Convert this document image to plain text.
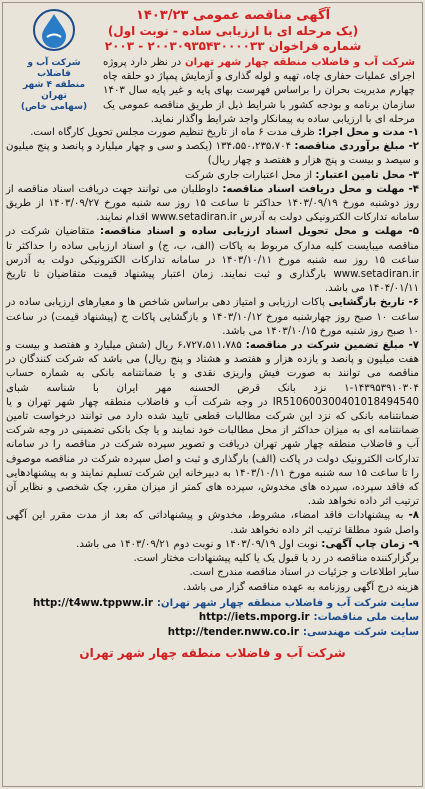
شرکت آب و فاضلاب
منطقه ۴ شهر تهران
(سهامی خاص)
آگهی مناقصه عمومی ۱۴۰۳/۲۳
(یک مرحله ای با ارزیابی ساده - نوبت اول)
شماره فراخوان ۲۰۰۳۰۹۳۵۴۳۰۰۰۰۳۳ - ۲۰۰۳
شرکت آب و فاضلاب منطقه چهار شهر تهران در نظر دارد پروژه اجرای عملیات حفاری چاه، تهیه و لوله گذاری و آزمایش پمپاژ دو حلقه چاه چهارم مدیریت بحران را براساس فهرست بهای پایه و غیر پایه سال ۱۴۰۳ سازمان برنامه و بودجه کشور با شرایط ذیل از طریق مناقصه عمومی یک مرحله ای با ارزیابی ساده به پیمانکار واجد شرایط واگذار نماید.

۱- مدت و محل اجرا: ظرف مدت ۶ ماه از تاریخ تنظیم صورت مجلس تحویل کارگاه است.

۲- مبلغ برآوردی مناقصه: ۱۳۴،۵۵۰،۲۳۵،۷۰۴ (یکصد و سی و چهار میلیارد و پانصد و پنج میلیون و سیصد و بیست و پنج هزار و هفتصد و چهار ریال)

۳- محل تامین اعتبار: از محل اعتبارات جاری شرکت

۴- مهلت و محل دریافت اسناد مناقصه: داوطلبان می توانند جهت دریافت اسناد مناقصه از روز دوشنبه مورخ ۱۴۰۳/۰۹/۱۹ حداکثر تا ساعت ۱۵ روز سه شنبه مورخ ۱۴۰۳/۰۹/۲۷ از طریق سامانه تدارکات الکترونیکی دولت به آدرس www.setadiran.ir اقدام نمایند.

۵- مهلت و محل تحویل اسناد ارزیابی ساده و اسناد مناقصه: متقاضیان شرکت در مناقصه میبایست کلیه مدارک مربوط به پاکات (الف، ب، ج) و اسناد ارزیابی ساده را حداکثر تا ساعت ۱۵ روز سه شنبه مورخ ۱۴۰۳/۱۰/۱۱ در سامانه تدارکات الکترونیکی دولت به آدرس www.setadiran.ir بارگذاری و ثبت نمایند. زمان اعتبار پیشنهاد قیمت متقاضیان تا تاریخ ۱۴۰۴/۰۱/۱۱ می باشد.

۶- تاریخ بازگشایی پاکات ارزیابی و امتیاز دهی براساس شاخص ها و معیارهای ارزیابی ساده در ساعت ۱۰ صبح روز چهارشنبه مورخ ۱۴۰۳/۱۰/۱۲ و بازگشایی پاکات ج (پیشنهاد قیمت) در ساعت ۱۰ صبح روز شنبه مورخ ۱۴۰۳/۱۰/۱۵ می باشد.

۷- مبلغ تضمین شرکت در مناقصه: ۶،۷۲۷،۵۱۱،۷۸۵ ریال (شش میلیارد و هفتصد و بیست و هفت میلیون و پانصد و یازده هزار و هفتصد و هشتاد و پنج ریال) می باشد که شرکت کنندگان در مناقصه می توانند به صورت فیش واریزی نقدی و یا ضمانتنامه بانکی به شماره حساب ۱۴۳۹۵۳۹۱۰۳۰۴-۱ نزد بانک قرض الحسنه مهر ایران با شناسه شبای IR510600300401018494540 در وجه شرکت آب و فاضلاب منطقه چهار شهر تهران و یا ضمانتنامه بانکی که نزد این شرکت مطالبات قطعی تایید شده دارد می توانند درخواست تامین ضمانتنامه ای به میزان حداکثر از محل مطالبات خود نمایند و یا چک بانکی تضمینی در وجه شرکت آب و فاضلاب منطقه چهار شهر تهران دریافت و تصویر سپرده شرکت در مناقصه را در سامانه تدارکات الکترونیک دولت در پاکت (الف) بارگذاری و ثبت و اصل سپرده شرکت در مناقصه موصوف را تا ساعت ۱۵ سه شنبه مورخ ۱۴۰۳/۱۰/۱۱ به دبیرخانه این شرکت تسلیم نمایند و به پیشنهادهایی که فاقد سپرده، سپرده های مخدوش، سپرده های کمتر از میزان مقرر، چک شخصی و نظایر آن ترتیب اثر داده نخواهد شد.

۸- به پیشنهادات فاقد امضاء، مشروط، مخدوش و پیشنهاداتی که بعد از مدت مقرر این آگهی واصل شود مطلقا ترتیب اثر داده نخواهد شد.

۹- زمان چاپ آگهی: نوبت اول ۱۴۰۳/۰۹/۱۹ و نوبت دوم ۱۴۰۳/۰۹/۲۱ می باشد.

برگزارکننده مناقصه در رد یا قبول یک یا کلیه پیشنهادات مختار است.

سایر اطلاعات و جزئیات در اسناد مناقصه مندرج است.

هزینه درج آگهی روزنامه به عهده مناقصه گزار می باشد.

سایت شرکت آب و فاضلاب منطقه چهار شهر تهران:
http://t4ww.tppww.ir
سایت ملی مناقصات:
http://iets.mporg.ir
سایت شرکت مهندسی:
http://tender.nww.co.ir
شرکت آب و فاضلاب منطقه چهار شهر تهران
